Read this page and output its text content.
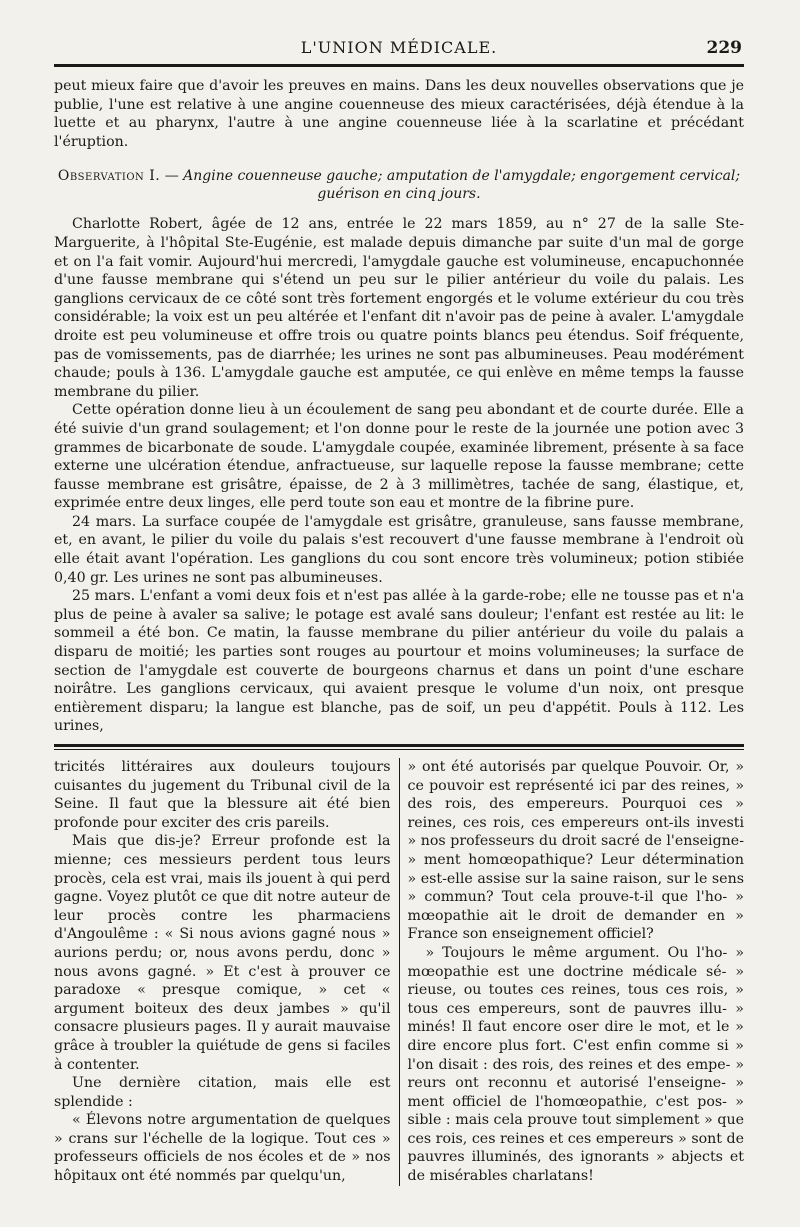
L'UNION MÉDICALE.	229

peut mieux faire que d'avoir les preuves en mains. Dans les deux nouvelles observations que je publie, l'une est relative à une angine couenneuse des mieux caractérisées, déjà étendue à la luette et au pharynx, l'autre à une angine couenneuse liée à la scarlatine et précédant l'éruption.

Observation I. — Angine couenneuse gauche; amputation de l'amygdale; engorgement cervical; guérison en cinq jours.

Charlotte Robert, âgée de 12 ans, entrée le 22 mars 1859, au n° 27 de la salle Ste-Marguerite, à l'hôpital Ste-Eugénie, est malade depuis dimanche par suite d'un mal de gorge et on l'a fait vomir. Aujourd'hui mercredi, l'amygdale gauche est volumineuse, encapuchonnée d'une fausse membrane qui s'étend un peu sur le pilier antérieur du voile du palais. Les ganglions cervicaux de ce côté sont très fortement engorgés et le volume extérieur du cou très considérable; la voix est un peu altérée et l'enfant dit n'avoir pas de peine à avaler. L'amygdale droite est peu volumineuse et offre trois ou quatre points blancs peu étendus. Soif fréquente, pas de vomissements, pas de diarrhée; les urines ne sont pas albumineuses. Peau modérément chaude; pouls à 136. L'amygdale gauche est amputée, ce qui enlève en même temps la fausse membrane du pilier.

Cette opération donne lieu à un écoulement de sang peu abondant et de courte durée. Elle a été suivie d'un grand soulagement; et l'on donne pour le reste de la journée une potion avec 3 grammes de bicarbonate de soude. L'amygdale coupée, examinée librement, présente à sa face externe une ulcération étendue, anfractueuse, sur laquelle repose la fausse membrane; cette fausse membrane est grisâtre, épaisse, de 2 à 3 millimètres, tachée de sang, élastique, et, exprimée entre deux linges, elle perd toute son eau et montre de la fibrine pure.

24 mars. La surface coupée de l'amygdale est grisâtre, granuleuse, sans fausse membrane, et, en avant, le pilier du voile du palais s'est recouvert d'une fausse membrane à l'endroit où elle était avant l'opération. Les ganglions du cou sont encore très volumineux; potion stibiée 0,40 gr. Les urines ne sont pas albumineuses.

25 mars. L'enfant a vomi deux fois et n'est pas allée à la garde-robe; elle ne tousse pas et n'a plus de peine à avaler sa salive; le potage est avalé sans douleur; l'enfant est restée au lit: le sommeil a été bon. Ce matin, la fausse membrane du pilier antérieur du voile du palais a disparu de moitié; les parties sont rouges au pourtour et moins volumineuses; la surface de section de l'amygdale est couverte de bourgeons charnus et dans un point d'une eschare noirâtre. Les ganglions cervicaux, qui avaient presque le volume d'un noix, ont presque entièrement disparu; la langue est blanche, pas de soif, un peu d'appétit. Pouls à 112. Les urines,

tricités littéraires aux douleurs toujours cuisantes du jugement du Tribunal civil de la Seine. Il faut que la blessure ait été bien profonde pour exciter des cris pareils.

Mais que dis-je? Erreur profonde est la mienne; ces messieurs perdent tous leurs procès, cela est vrai, mais ils jouent à qui perd gagne. Voyez plutôt ce que dit notre auteur de leur procès contre les pharmaciens d'Angoulême : « Si nous avions gagné nous » aurions perdu; or, nous avons perdu, donc » nous avons gagné. » Et c'est à prouver ce paradoxe « presque comique, » cet « argument boiteux des deux jambes » qu'il consacre plusieurs pages. Il y aurait mauvaise grâce à troubler la quiétude de gens si faciles à contenter.

Une dernière citation, mais elle est splendide :

« Élevons notre argumentation de quelques » crans sur l'échelle de la logique. Tout ces » professeurs officiels de nos écoles et de » nos hôpitaux ont été nommés par quelqu'un,

» ont été autorisés par quelque Pouvoir. Or, » ce pouvoir est représenté ici par des reines, » des rois, des empereurs. Pourquoi ces » reines, ces rois, ces empereurs ont-ils investi » nos professeurs du droit sacré de l'enseigne- » ment homœopathique? Leur détermination » est-elle assise sur la saine raison, sur le sens » commun? Tout cela prouve-t-il que l'ho- » mœopathie ait le droit de demander en » France son enseignement officiel?

» Toujours le même argument. Ou l'ho- » mœopathie est une doctrine médicale sé- » rieuse, ou toutes ces reines, tous ces rois, » tous ces empereurs, sont de pauvres illu- » minés! Il faut encore oser dire le mot, et le » dire encore plus fort. C'est enfin comme si » l'on disait : des rois, des reines et des empe- » reurs ont reconnu et autorisé l'enseigne- » ment officiel de l'homœopathie, c'est pos- » sible : mais cela prouve tout simplement » que ces rois, ces reines et ces empereurs » sont de pauvres illuminés, des ignorants » abjects et de misérables charlatans!
